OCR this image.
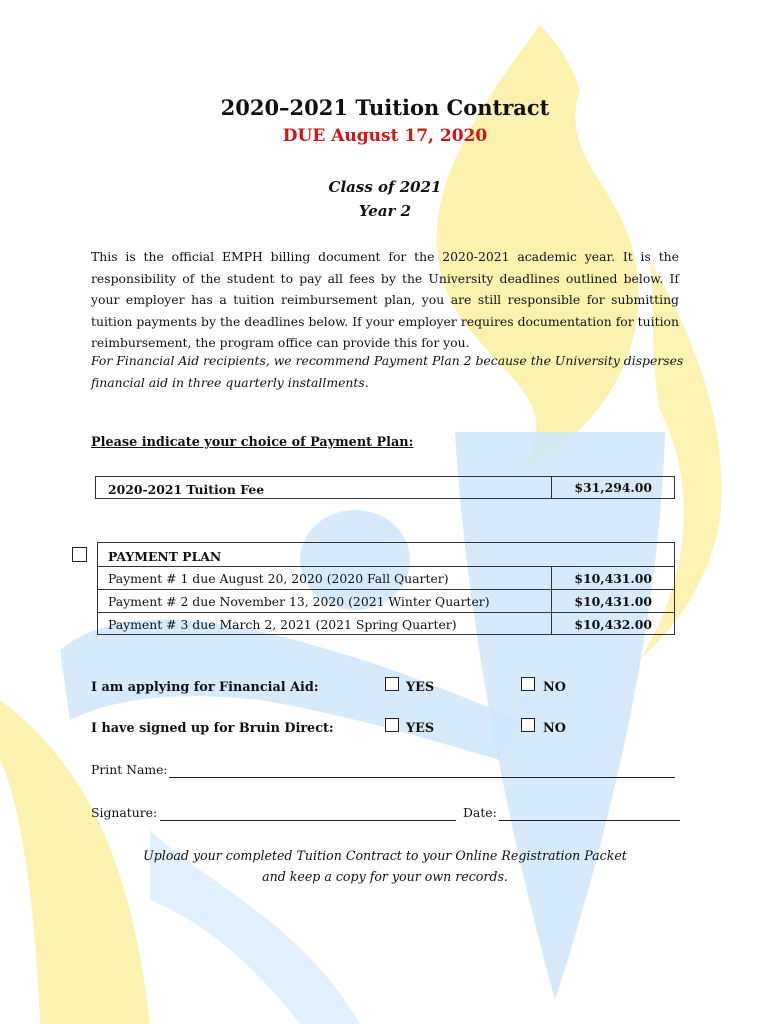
2020–2021 Tuition Contract
DUE August 17, 2020
Class of 2021
Year 2
This is the official EMPH billing document for the 2020-2021 academic year. It is the responsibility of the student to pay all fees by the University deadlines outlined below. If your employer has a tuition reimbursement plan, you are still responsible for submitting tuition payments by the deadlines below. If your employer requires documentation for tuition reimbursement, the program office can provide this for you.
For Financial Aid recipients, we recommend Payment Plan 2 because the University disperses
financial aid in three quarterly installments.
Please indicate your choice of Payment Plan:
2020-2021 Tuition Fee	$31,294.00
PAYMENT PLAN
Payment # 1 due August 20, 2020 (2020 Fall Quarter)	$10,431.00
Payment # 2 due November 13, 2020 (2021 Winter Quarter)	$10,431.00
Payment # 3 due March 2, 2021 (2021 Spring Quarter)	$10,432.00
I am applying for Financial Aid:	YES	NO
I have signed up for Bruin Direct:	YES	NO
Print Name:
Signature:	Date:
Upload your completed Tuition Contract to your Online Registration Packet
and keep a copy for your own records.
